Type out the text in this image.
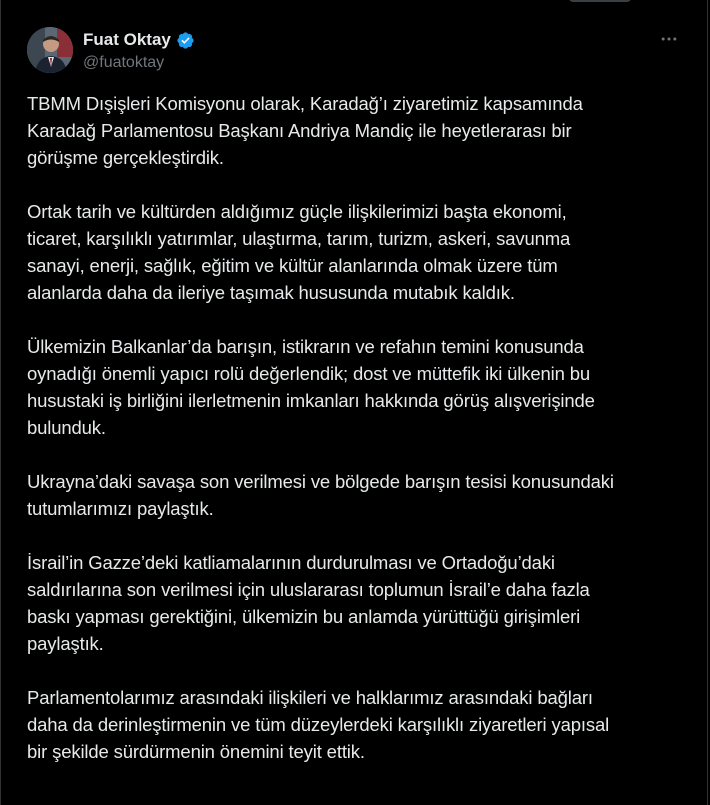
Fuat Oktay
@fuatoktay

TBMM Dışişleri Komisyonu olarak, Karadağ’ı ziyaretimiz kapsamında
Karadağ Parlamentosu Başkanı Andriya Mandiç ile heyetlerarası bir
görüşme gerçekleştirdik.

Ortak tarih ve kültürden aldığımız güçle ilişkilerimizi başta ekonomi,
ticaret, karşılıklı yatırımlar, ulaştırma, tarım, turizm, askeri, savunma
sanayi, enerji, sağlık, eğitim ve kültür alanlarında olmak üzere tüm
alanlarda daha da ileriye taşımak hususunda mutabık kaldık.

Ülkemizin Balkanlar’da barışın, istikrarın ve refahın temini konusunda
oynadığı önemli yapıcı rolü değerlendik; dost ve müttefik iki ülkenin bu
husustaki iş birliğini ilerletmenin imkanları hakkında görüş alışverişinde
bulunduk.

Ukrayna’daki savaşa son verilmesi ve bölgede barışın tesisi konusundaki
tutumlarımızı paylaştık.

İsrail’in Gazze’deki katliamalarının durdurulması ve Ortadoğu’daki
saldırılarına son verilmesi için uluslararası toplumun İsrail’e daha fazla
baskı yapması gerektiğini, ülkemizin bu anlamda yürüttüğü girişimleri
paylaştık.

Parlamentolarımız arasındaki ilişkileri ve halklarımız arasındaki bağları
daha da derinleştirmenin ve tüm düzeylerdeki karşılıklı ziyaretleri yapısal
bir şekilde sürdürmenin önemini teyit ettik.
